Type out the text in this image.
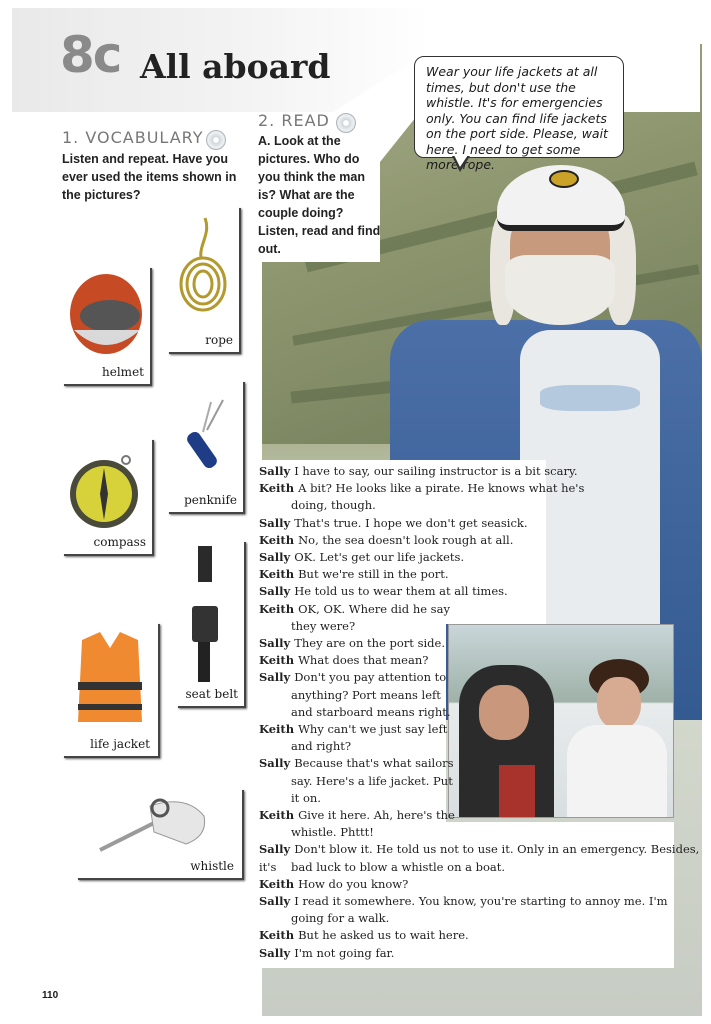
8c All aboard	Wear your life jackets at all times, but don't use the whistle. It's for emergencies only. You can find life jackets on the port side. Please, wait here. I need to get some more rope.
1. VOCABULARY
Listen and repeat. Have you ever used the items shown in the pictures?
2. READ
A. Look at the pictures. Who do you think the man is? What are the couple doing? Listen, read and find out.
rope
helmet
penknife
compass
seat belt
life jacket
whistle
Sally I have to say, our sailing instructor is a bit scary.
Keith A bit? He looks like a pirate. He knows what he's
doing, though.
Sally That's true. I hope we don't get seasick.
Keith No, the sea doesn't look rough at all.
Sally OK. Let's get our life jackets.
Keith But we're still in the port.
Sally He told us to wear them at all times.
Keith OK, OK. Where did he say
they were?
Sally They are on the port side.
Keith What does that mean?
Sally Don't you pay attention to
anything? Port means left
and starboard means right.
Keith Why can't we just say left
and right?
Sally Because that's what sailors
say. Here's a life jacket. Put
it on.
Keith Give it here. Ah, here's the
whistle. Phttt!
Sally Don't blow it. He told us not to use it. Only in an emergency. Besides, it's	bad luck to blow a whistle on a boat.
Keith How do you know?
Sally I read it somewhere. You know, you're starting to annoy me. I'm
going for a walk.
Keith But he asked us to wait here.
Sally I'm not going far.
110
